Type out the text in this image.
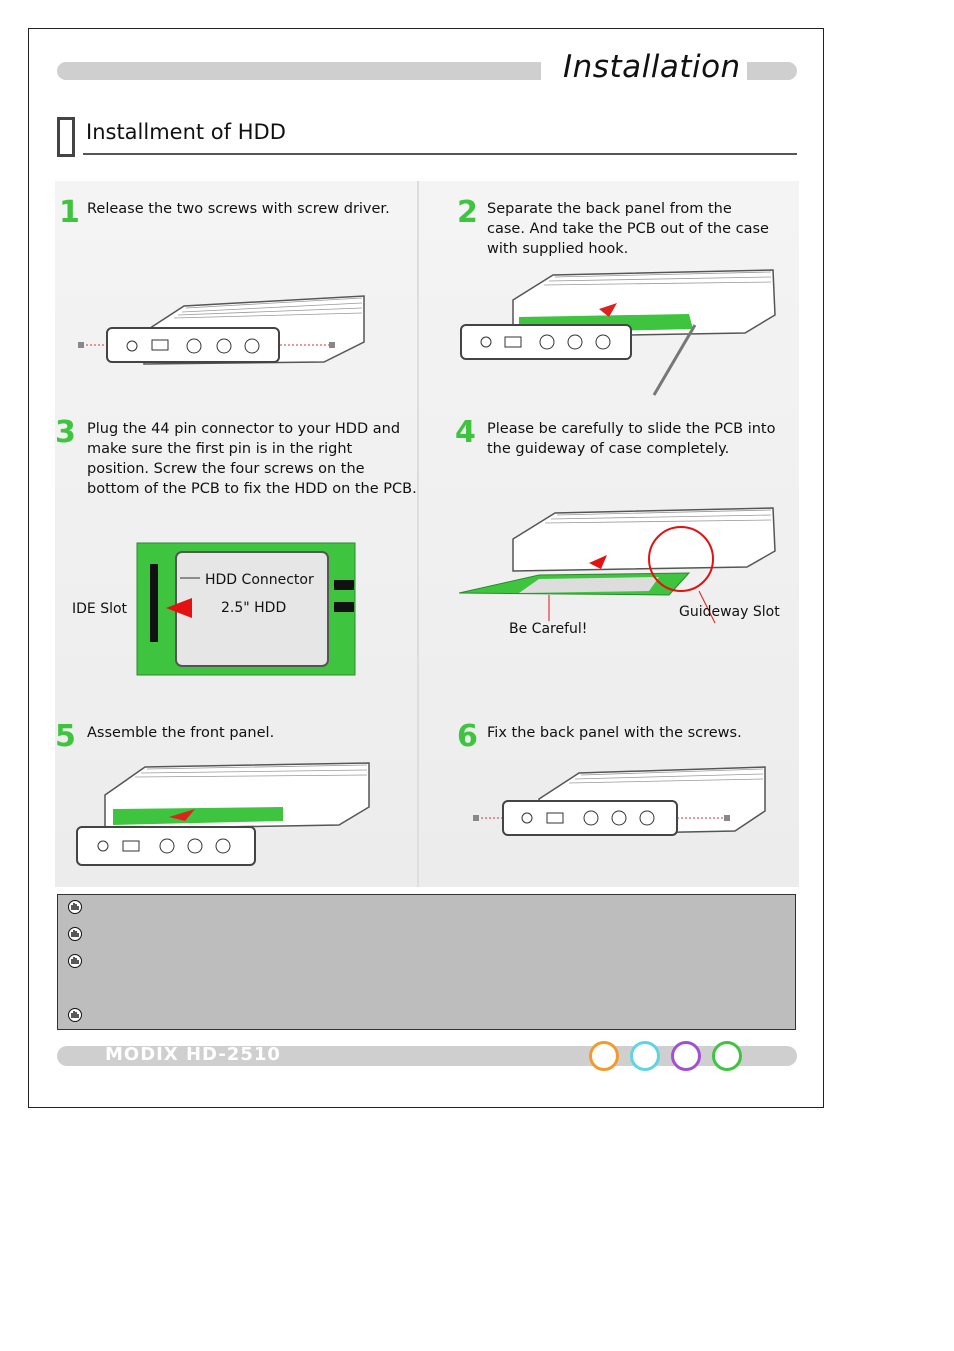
Installation
Installment of HDD
1 Release the two screws with screw driver.	2 Separate the back panel from the case. And take the PCB out of the case with supplied hook.
3 Plug the 44 pin connector to your HDD and make sure the first pin is in the right position. Screw the four screws on the bottom of the PCB to fix the HDD on the PCB.
HDD Connector
2.5" HDD
IDE Slot
4 Please be carefully to slide the PCB into the guideway of case completely.
Be Careful!
Guideway Slot
5 Assemble the front panel.	6 Fix the back panel with the screws.
MODIX HD-2510
